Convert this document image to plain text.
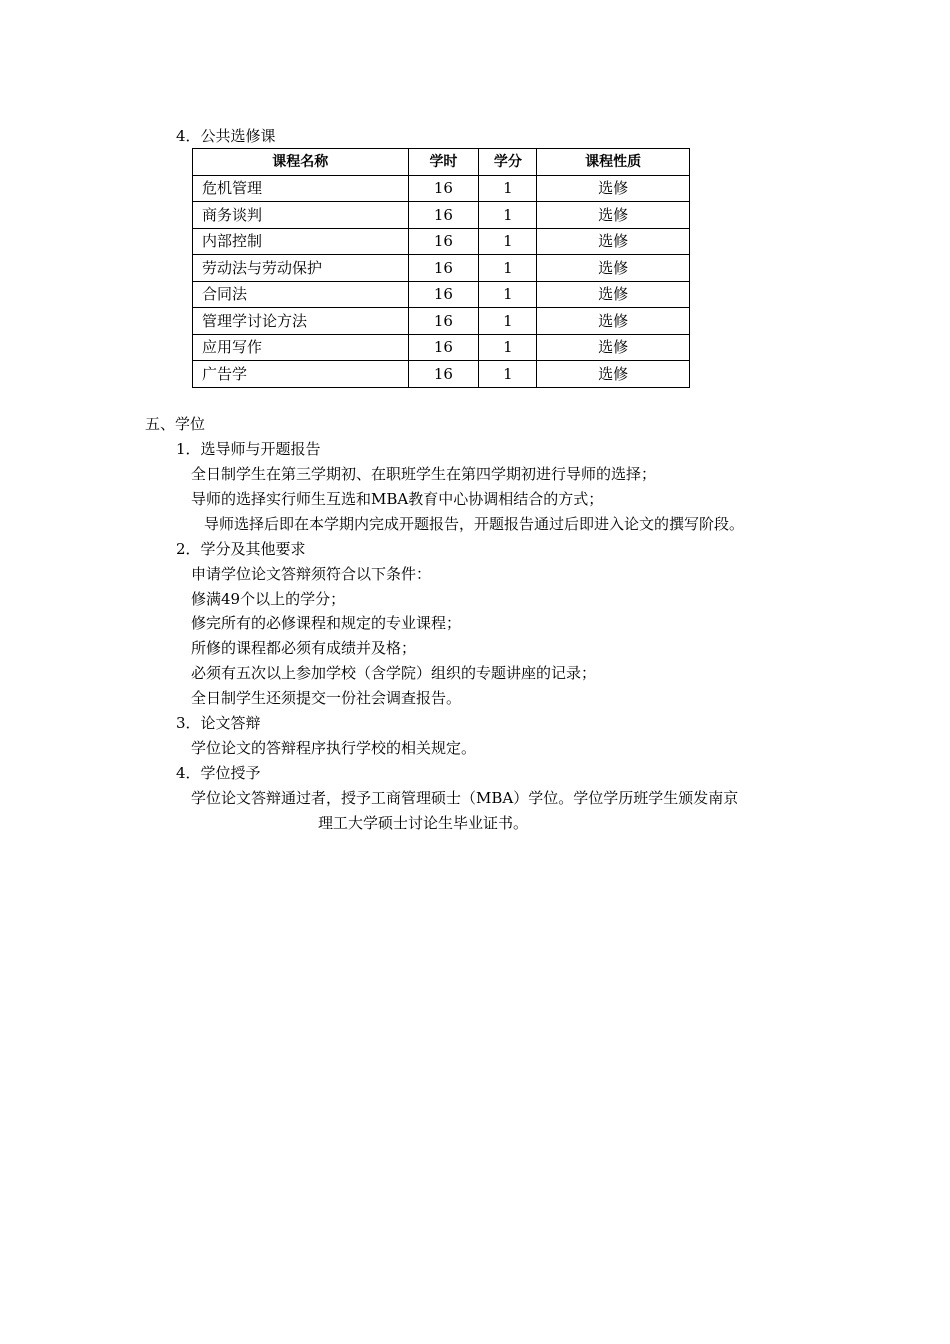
4．公共选修课
课程名称	学时	学分	课程性质
危机管理	16	1	选修
商务谈判	16	1	选修
内部控制	16	1	选修
劳动法与劳动保护	16	1	选修
合同法	16	1	选修
管理学讨论方法	16	1	选修
应用写作	16	1	选修
广告学	16	1	选修
五、学位
1．选导师与开题报告
全日制学生在第三学期初、在职班学生在第四学期初进行导师的选择；
导师的选择实行师生互选和MBA教育中心协调相结合的方式；
导师选择后即在本学期内完成开题报告，开题报告通过后即进入论文的撰写阶段。
2．学分及其他要求
申请学位论文答辩须符合以下条件：
修满49个以上的学分；
修完所有的必修课程和规定的专业课程；
所修的课程都必须有成绩并及格；
必须有五次以上参加学校（含学院）组织的专题讲座的记录；
全日制学生还须提交一份社会调查报告。
3．论文答辩
学位论文的答辩程序执行学校的相关规定。
4．学位授予
学位论文答辩通过者，授予工商管理硕士（MBA）学位。学位学历班学生颁发南京
理工大学硕士讨论生毕业证书。
